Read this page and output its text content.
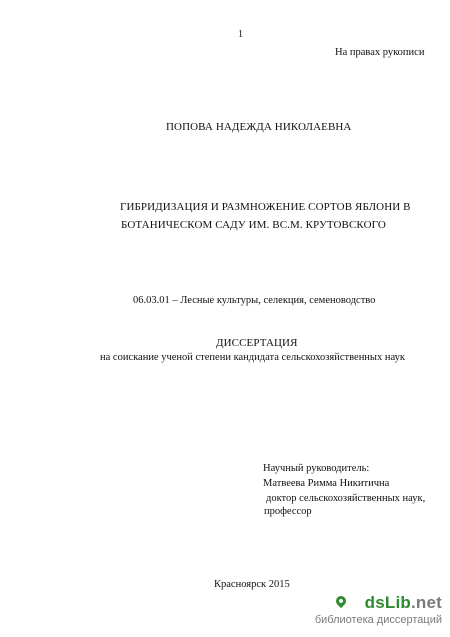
1
На правах рукописи
ПОПОВА НАДЕЖДА НИКОЛАЕВНА
ГИБРИДИЗАЦИЯ И РАЗМНОЖЕНИЕ СОРТОВ ЯБЛОНИ В
БОТАНИЧЕСКОМ САДУ ИМ. ВС.М. КРУТОВСКОГО
06.03.01 – Лесные культуры, селекция, семеноводство
ДИССЕРТАЦИЯ
на соискание ученой степени кандидата сельскохозяйственных наук
Научный руководитель:
Матвеева Римма Никитична
доктор сельскохозяйственных наук,
профессор
Красноярск 2015
dsLib.net
библиотека диссертаций
